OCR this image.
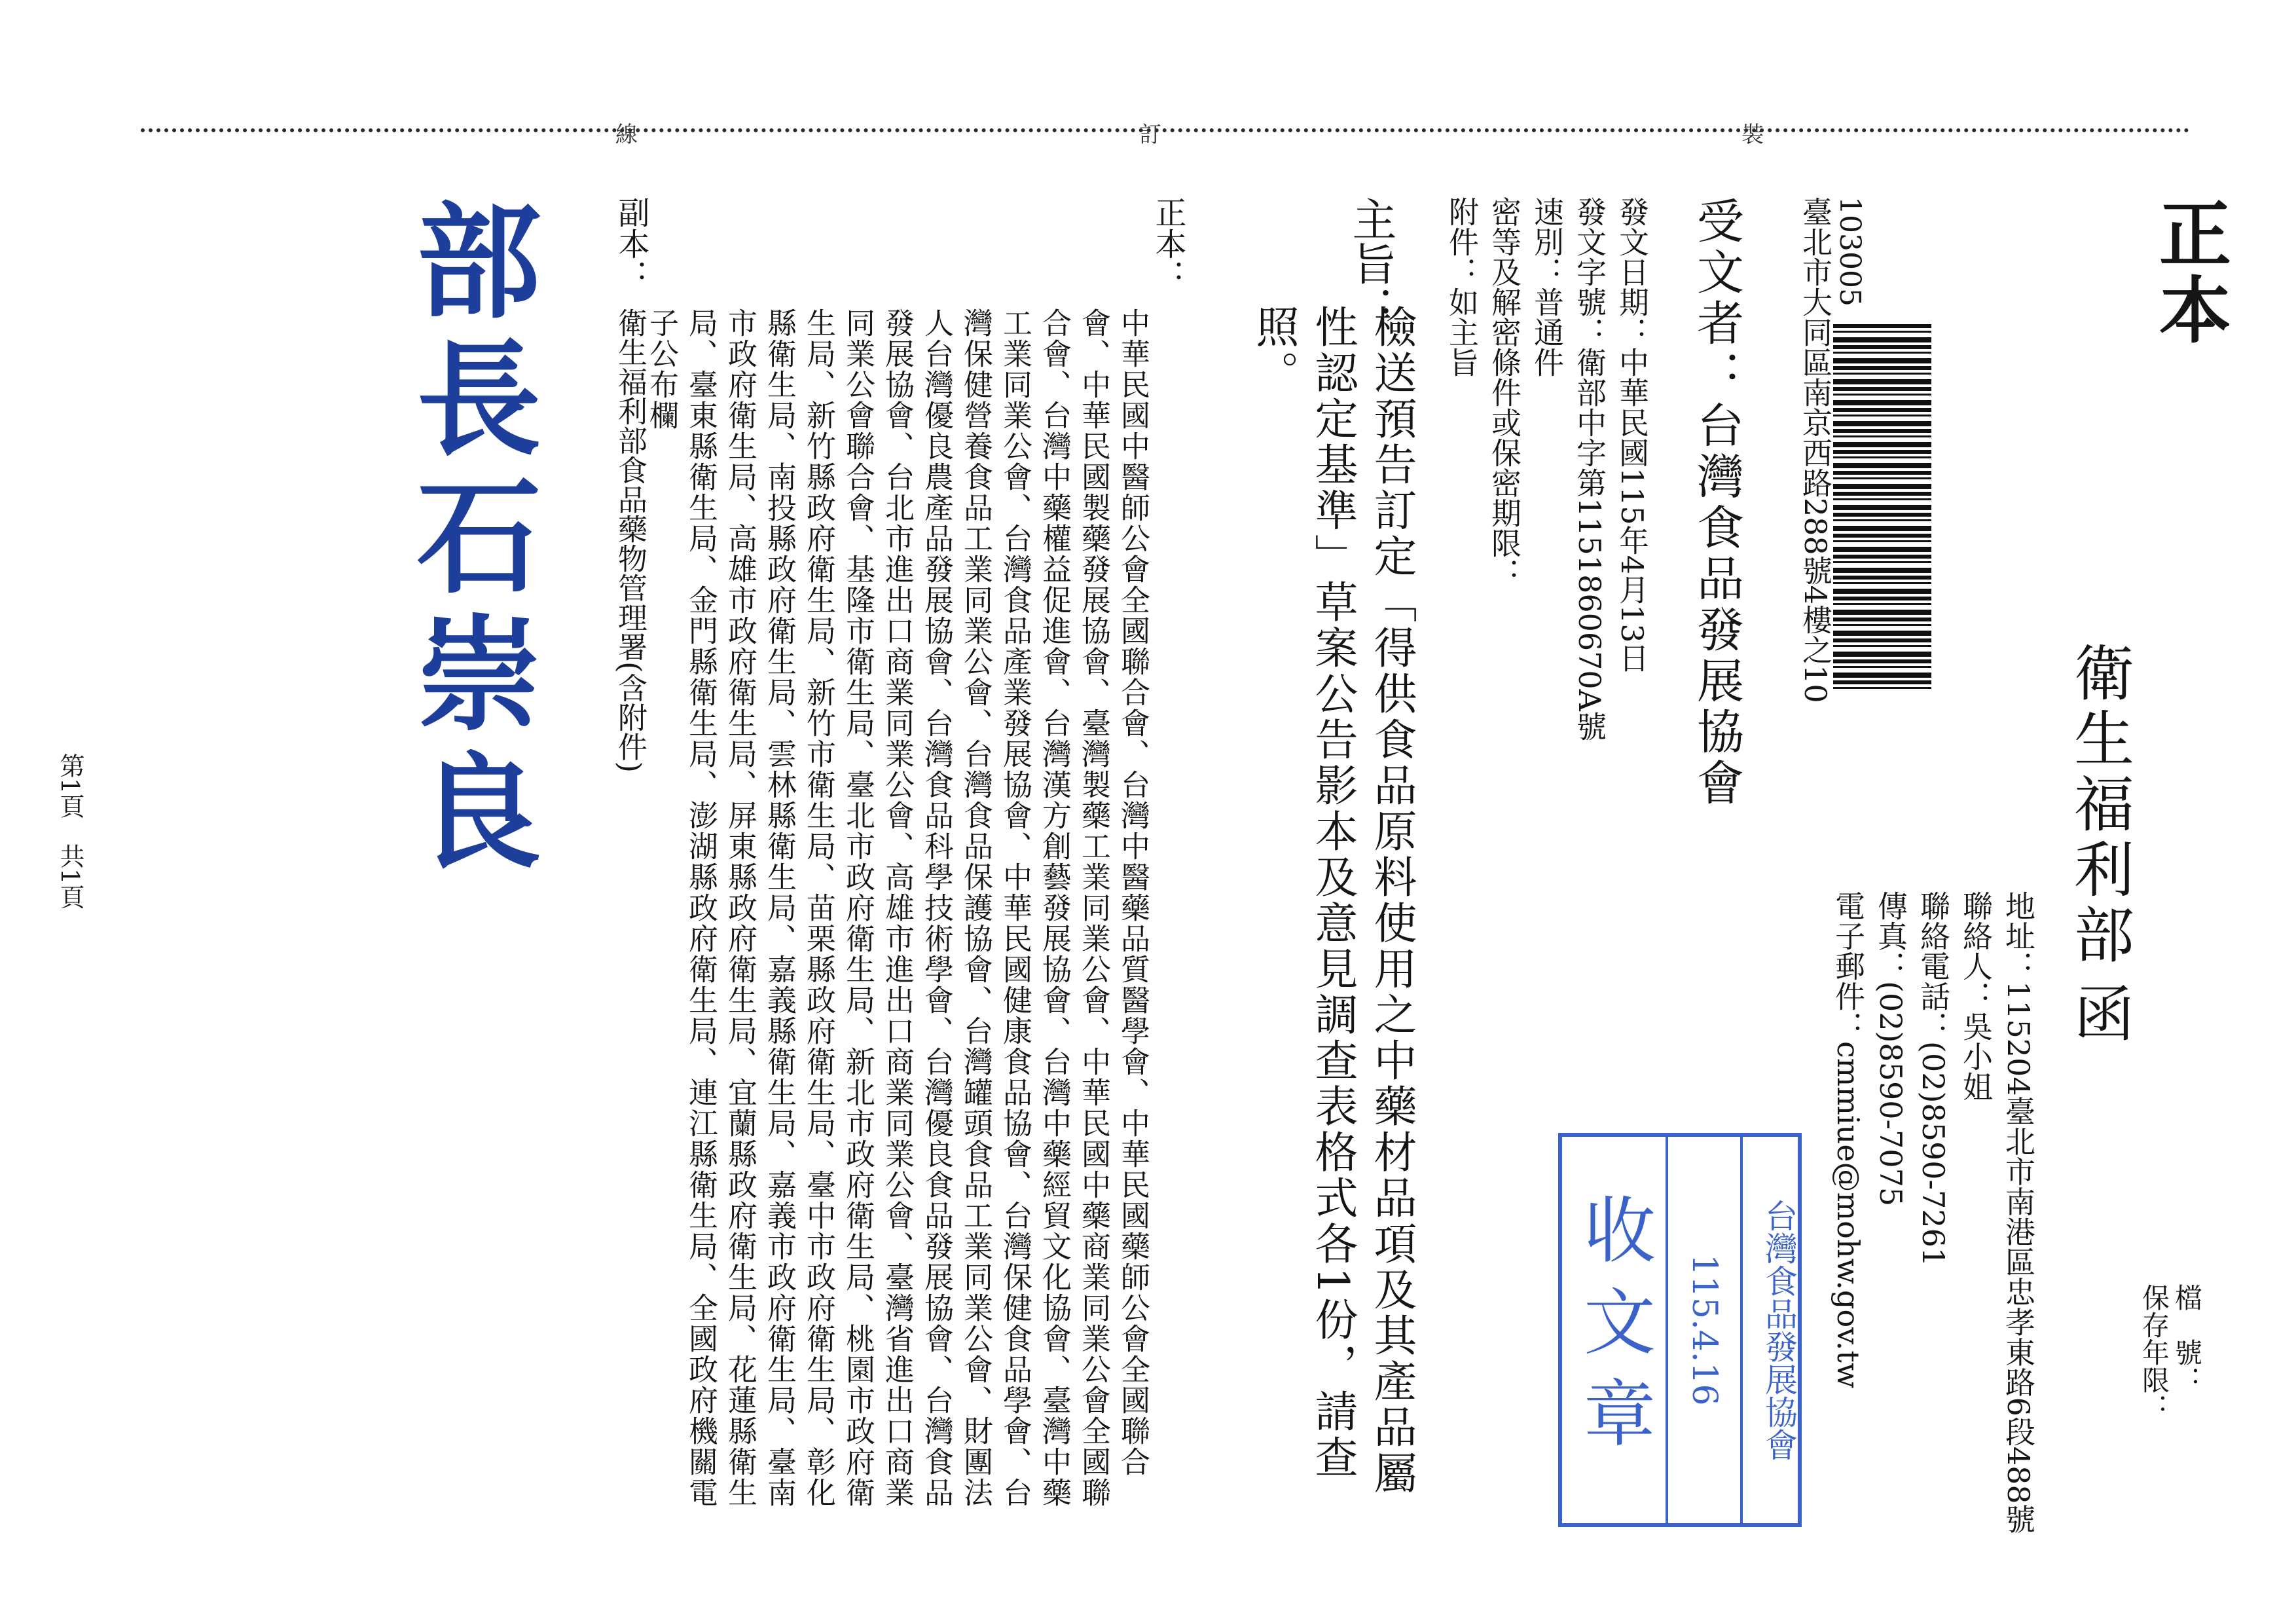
裝
訂
線
正本
衛生福利部
函
檔　號：
保存年限：
地址：115204臺北市南港區忠孝東路6段488號
聯絡人：吳小姐
聯絡電話：(02)8590-7261
傳真：(02)8590-7075
電子郵件：cmmiue@mohw.gov.tw
103005
臺北市大同區南京西路288號4樓之10
受文者：台灣食品發展協會
發文日期：中華民國115年4月13日
發文字號：衛部中字第1151860670A號
速別：普通件
密等及解密條件或保密期限：
附件：如主旨
主旨：
檢送預告訂定「得供食品原料使用之中藥材品項及其產品屬性認定基準」草案公告影本及意見調查表格式各1份，請查照。
正本：
中華民國中醫師公會全國聯合會、台灣中醫藥品質醫學會、中華民國藥師公會全國聯合會、中華民國製藥發展協會、臺灣製藥工業同業公會、中華民國中藥商業同業公會全國聯合會、台灣中藥權益促進會、台灣漢方創藝發展協會、台灣中藥經貿文化協會、臺灣中藥工業同業公會、台灣食品產業發展協會、中華民國健康食品協會、台灣保健食品學會、台灣保健營養食品工業同業公會、台灣食品保護協會、台灣罐頭食品工業同業公會、財團法人台灣優良農產品發展協會、台灣食品科學技術學會、台灣優良食品發展協會、台灣食品發展協會、台北市進出口商業同業公會、高雄市進出口商業同業公會、臺灣省進出口商業同業公會聯合會、基隆市衛生局、臺北市政府衛生局、新北市政府衛生局、桃園市政府衛生局、新竹縣政府衛生局、新竹市衛生局、苗栗縣政府衛生局、臺中市政府衛生局、彰化縣衛生局、南投縣政府衛生局、雲林縣衛生局、嘉義縣衛生局、嘉義市政府衛生局、臺南市政府衛生局、高雄市政府衛生局、屏東縣政府衛生局、宜蘭縣政府衛生局、花蓮縣衛生局、臺東縣衛生局、金門縣衛生局、澎湖縣政府衛生局、連江縣衛生局、全國政府機關電子公布欄
副本：
衛生福利部食品藥物管理署(含附件)
部長石崇良
收文章 115.4.16	台灣食品發展協會
第1頁　共1頁
